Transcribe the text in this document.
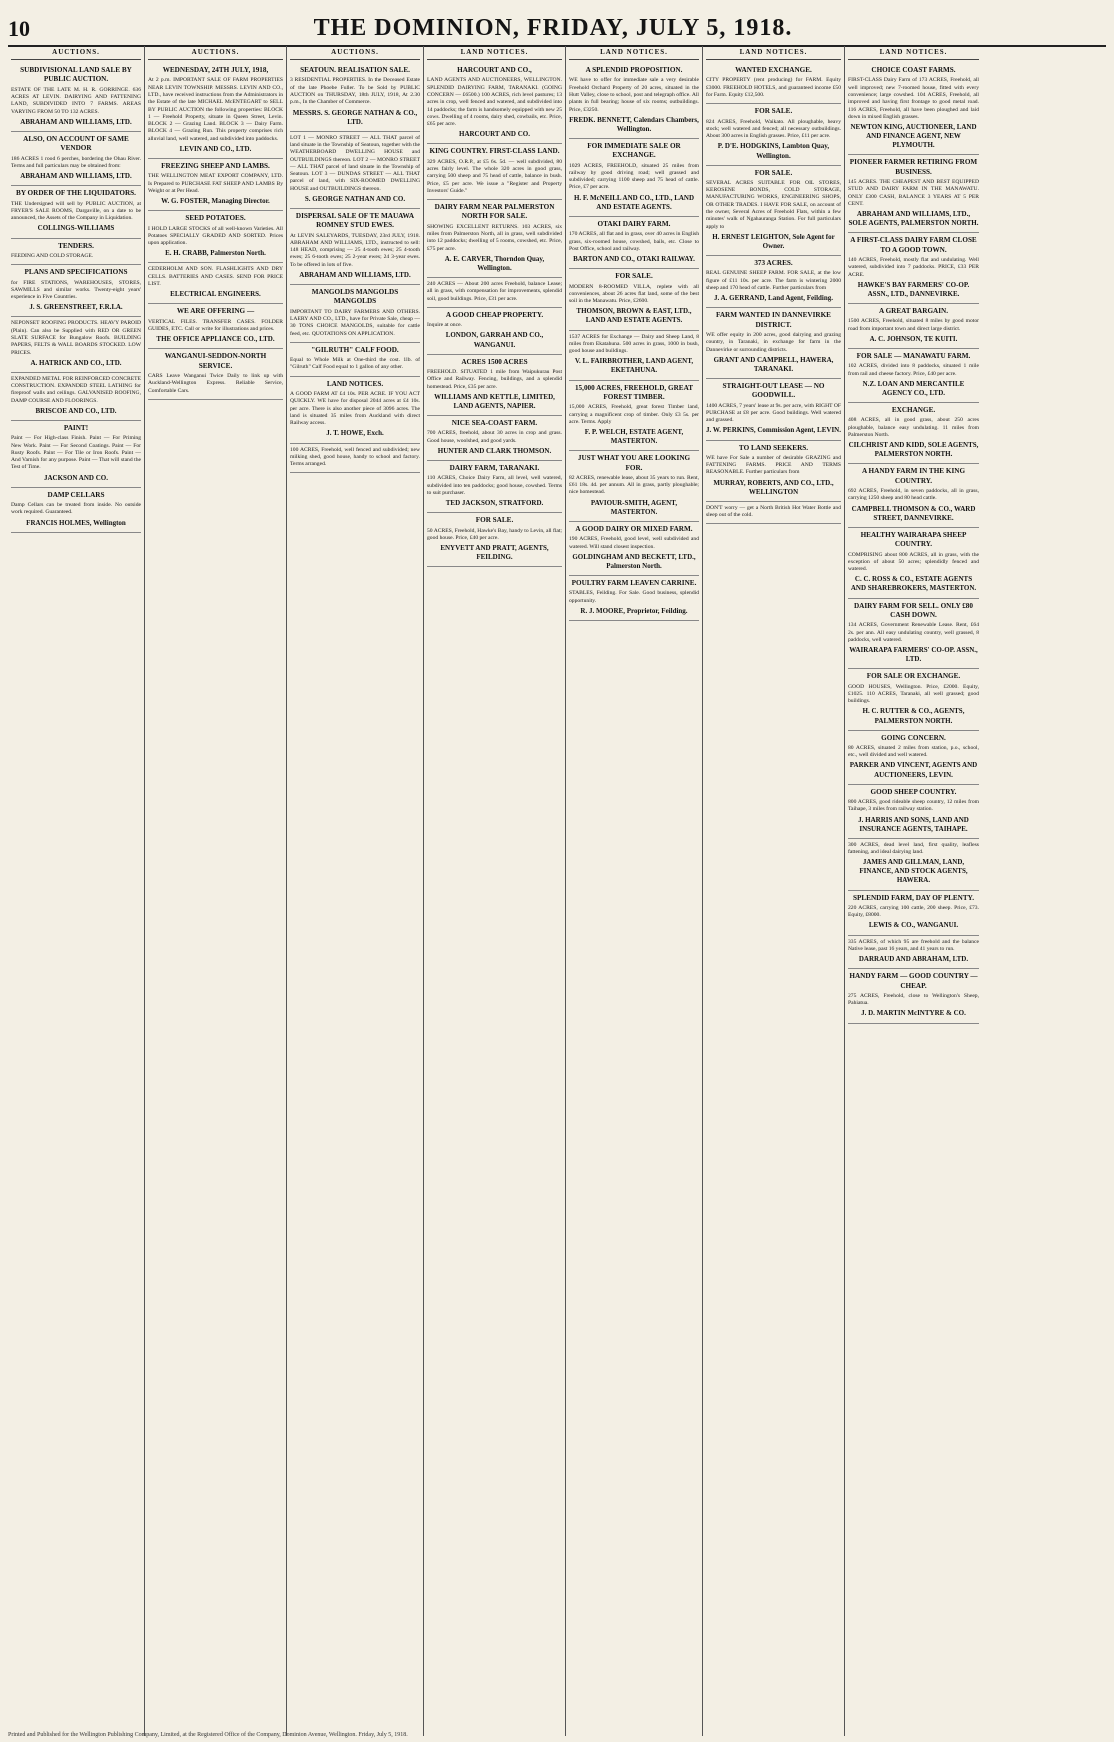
10	THE DOMINION, FRIDAY, JULY 5, 1918.
AUCTIONS.
SUBDIVISIONAL LAND SALE BY PUBLIC AUCTION.
ESTATE OF THE LATE M. H. R. GORRINGE. 636 ACRES AT LEVIN. DAIRYING AND FATTENING LAND, SUBDIVIDED INTO 7 FARMS. AREAS VARYING FROM 50 TO 132 ACRES.
ABRAHAM AND WILLIAMS, LTD.
ALSO, ON ACCOUNT OF SAME VENDOR
186 ACRES 1 rood 6 perches, bordering the Ohau River. Terms and full particulars may be obtained from:
ABRAHAM AND WILLIAMS, LTD.
BY ORDER OF THE LIQUIDATORS.
THE Undersigned will sell by PUBLIC AUCTION, at FRYER'S SALE ROOMS, Dargaville, on a date to be announced, the Assets of the Company in Liquidation.
COLLINGS-WILLIAMS
TENDERS.
FEEDING AND COLD STORAGE.
PLANS AND SPECIFICATIONS
for FIRE STATIONS, WAREHOUSES, STORES, SAWMILLS and similar works. Twenty-eight years' experience in Five Countries.
J. S. GREENSTREET, F.R.I.A.
NEPONSET ROOFING PRODUCTS. HEAVY PAROID (Plain). Can also be Supplied with RED OR GREEN SLATE SURFACE for Bungalow Roofs. BUILDING PAPERS, FELTS & WALL BOARDS STOCKED. LOW PRICES.
A. HATRICK AND CO., LTD.
EXPANDED METAL FOR REINFORCED CONCRETE CONSTRUCTION. EXPANDED STEEL LATHING for fireproof walls and ceilings. GALVANISED ROOFING, DAMP COURSE AND FLOORINGS.
BRISCOE AND CO., LTD.
PAINT!
Paint — For High-class Finish. Paint — For Priming New Work. Paint — For Second Coatings. Paint — For Rusty Roofs. Paint — For Tile or Iron Roofs. Paint — And Varnish for any purpose. Paint — That will stand the Test of Time.
JACKSON AND CO.
DAMP CELLARS
Damp Cellars can be treated from inside. No outside work required. Guaranteed.
FRANCIS HOLMES, Wellington
AUCTIONS.
WEDNESDAY, 24TH JULY, 1918,
At 2 p.m. IMPORTANT SALE OF FARM PROPERTIES NEAR LEVIN TOWNSHIP. MESSRS. LEVIN AND CO., LTD., have received instructions from the Administrators in the Estate of the late MICHAEL McENTEGART to SELL BY PUBLIC AUCTION the following properties: BLOCK 1 — Freehold Property, situate in Queen Street, Levin. BLOCK 2 — Grazing Land. BLOCK 3 — Dairy Farm. BLOCK 4 — Grazing Run. This property comprises rich alluvial land, well watered, and subdivided into paddocks.
LEVIN AND CO., LTD.
FREEZING SHEEP AND LAMBS.
THE WELLINGTON MEAT EXPORT COMPANY, LTD. Is Prepared to PURCHASE FAT SHEEP AND LAMBS By Weight or at Per Head.
W. G. FOSTER, Managing Director.
SEED POTATOES.
I HOLD LARGE STOCKS of all well-known Varieties. All Potatoes SPECIALLY GRADED AND SORTED. Prices upon application.
E. H. CRABB, Palmerston North.
CEDERHOLM AND SON. FLASHLIGHTS AND DRY CELLS. BATTERIES AND CASES. SEND FOR PRICE LIST.
ELECTRICAL ENGINEERS.
WE ARE OFFERING —
VERTICAL FILES. TRANSFER CASES. FOLDER GUIDES, ETC. Call or write for illustrations and prices.
THE OFFICE APPLIANCE CO., LTD.
WANGANUI-SEDDON-NORTH SERVICE.
CARS Leave Wanganui Twice Daily to link up with Auckland-Wellington Express. Reliable Service, Comfortable Cars.
AUCTIONS.
SEATOUN. REALISATION SALE.
3 RESIDENTIAL PROPERTIES. In the Deceased Estate of the late Phoebe Fuller. To be Sold by PUBLIC AUCTION on THURSDAY, 18th JULY, 1918, At 2.30 p.m., In the Chamber of Commerce.
MESSRS. S. GEORGE NATHAN & CO., LTD.
LOT 1 — MONRO STREET — ALL THAT parcel of land situate in the Township of Seatoun, together with the WEATHERBOARD DWELLING HOUSE and OUTBUILDINGS thereon. LOT 2 — MONRO STREET — ALL THAT parcel of land situate in the Township of Seatoun. LOT 3 — DUNDAS STREET — ALL THAT parcel of land, with SIX-ROOMED DWELLING HOUSE and OUTBUILDINGS thereon.
S. GEORGE NATHAN AND CO.
DISPERSAL SALE OF TE MAUAWA ROMNEY STUD EWES.
At LEVIN SALEYARDS, TUESDAY, 23rd JULY, 1918. ABRAHAM AND WILLIAMS, LTD., instructed to sell: 148 HEAD, comprising — 25 4-tooth ewes; 25 4-tooth ewes; 25 6-tooth ewes; 25 2-year ewes; 24 3-year ewes. To be offered in lots of five.
ABRAHAM AND WILLIAMS, LTD.
MANGOLDS MANGOLDS MANGOLDS
IMPORTANT TO DAIRY FARMERS AND OTHERS. LAERY AND CO., LTD., have for Private Sale, cheap — 30 TONS CHOICE MANGOLDS, suitable for cattle feed, etc. QUOTATIONS ON APPLICATION.
"GILRUTH" CALF FOOD.
Equal to Whole Milk at One-third the cost. 1lb. of "Gilruth" Calf Food equal to 1 gallon of any other.
LAND NOTICES.
A GOOD FARM AT £4 10s. PER ACRE. IF YOU ACT QUICKLY. WE have for disposal 2044 acres at £4 10s. per acre. There is also another piece of 3096 acres. The land is situated 35 miles from Auckland with direct Railway access.
J. T. HOWE, Exch.
100 ACRES, Freehold, well fenced and subdivided; new milking shed, good house, handy to school and factory. Terms arranged.
LAND NOTICES.
HARCOURT AND CO.,
LAND AGENTS AND AUCTIONEERS, WELLINGTON. SPLENDID DAIRYING FARM, TARANAKI. (GOING CONCERN — £6500.) 100 ACRES, rich level pastures; 13 acres in crop, well fenced and watered, and subdivided into 14 paddocks; the farm is handsomely equipped with new 25 cows. Dwelling of 4 rooms, dairy shed, cowbails, etc. Price, £65 per acre.
HARCOURT AND CO.
KING COUNTRY. FIRST-CLASS LAND.
329 ACRES, O.R.P., at £5 6s. 5d. — well subdivided, 80 acres fairly level. The whole 320 acres in good grass, carrying 500 sheep and 75 head of cattle, balance in bush. Price, £5 per acre. We issue a "Register and Property Investors' Guide."
DAIRY FARM NEAR PALMERSTON NORTH FOR SALE.
SHOWING EXCELLENT RETURNS. 103 ACRES, six miles from Palmerston North, all in grass, well subdivided into 12 paddocks; dwelling of 5 rooms, cowshed, etc. Price, £75 per acre.
A. E. CARVER, Thorndon Quay, Wellington.
240 ACRES — About 200 acres Freehold, balance Lease; all in grass, with compensation for improvements, splendid soil, good buildings. Price, £31 per acre.
A GOOD CHEAP PROPERTY.
Inquire at once.
LONDON, GARRAH AND CO., WANGANUI.
ACRES 1500 ACRES
FREEHOLD. SITUATED 1 mile from Waipukurau Post Office and Railway. Fencing, buildings, and a splendid homestead. Price, £35 per acre.
WILLIAMS AND KETTLE, LIMITED, LAND AGENTS, NAPIER.
NICE SEA-COAST FARM.
700 ACRES, freehold, about 30 acres in crop and grass. Good house, woolshed, and good yards.
HUNTER AND CLARK THOMSON.
DAIRY FARM, TARANAKI.
110 ACRES, Choice Dairy Farm, all level, well watered, subdivided into ten paddocks; good house, cowshed. Terms to suit purchaser.
TED JACKSON, STRATFORD.
FOR SALE.
50 ACRES, Freehold, Hawke's Bay, handy to Levin, all flat; good house. Price, £40 per acre.
ENYVETT AND PRATT, AGENTS, FEILDING.
LAND NOTICES.
A SPLENDID PROPOSITION.
WE have to offer for immediate sale a very desirable Freehold Orchard Property of 20 acres, situated in the Hutt Valley, close to school, post and telegraph office. All plants in full bearing; house of six rooms; outbuildings. Price, £3250.
FREDK. BENNETT, Calendars Chambers, Wellington.
FOR IMMEDIATE SALE OR EXCHANGE.
1029 ACRES, FREEHOLD, situated 25 miles from railway by good driving road; well grassed and subdivided; carrying 1100 sheep and 75 head of cattle. Price, £7 per acre.
H. F. McNEILL AND CO., LTD., LAND AND ESTATE AGENTS.
OTAKI DAIRY FARM.
170 ACRES, all flat and in grass, over 40 acres in English grass, six-roomed house, cowshed, bails, etc. Close to Post Office, school and railway.
BARTON AND CO., OTAKI RAILWAY.
FOR SALE.
MODERN 8-ROOMED VILLA, replete with all conveniences, about 26 acres flat land, some of the best soil in the Manawatu. Price, £2600.
THOMSON, BROWN & EAST, LTD., LAND AND ESTATE AGENTS.
1537 ACRES for Exchange — Dairy and Sheep Land, 8 miles from Ekatahuna. 500 acres in grass, 1000 in bush, good house and buildings.
V. L. FAIRBROTHER, LAND AGENT, EKETAHUNA.
15,000 ACRES, FREEHOLD, GREAT FOREST TIMBER.
15,000 ACRES, Freehold, great forest Timber land, carrying a magnificent crop of timber. Only £3 5s. per acre. Terms. Apply
F. P. WELCH, ESTATE AGENT, MASTERTON.
JUST WHAT YOU ARE LOOKING FOR.
82 ACRES, renewable lease, about 35 years to run. Rent, £61 18s. 4d. per annum. All in grass, partly ploughable; nice homestead.
PAVIOUR-SMITH, AGENT, MASTERTON.
A GOOD DAIRY OR MIXED FARM.
190 ACRES, Freehold, good level, well subdivided and watered. Will stand closest inspection.
GOLDINGHAM AND BECKETT, LTD., Palmerston North.
POULTRY FARM LEAVEN CARRINE.
STABLES, Feilding. For Sale. Good business, splendid opportunity.
R. J. MOORE, Proprietor, Feilding.
LAND NOTICES.
WANTED EXCHANGE.
CITY PROPERTY (rent producing) for FARM. Equity £3000. FREEHOLD HOTELS, and guaranteed income £50 for Farm. Equity £12,500.
FOR SALE.
824 ACRES, Freehold, Waikato. All ploughable, heavy stock; well watered and fenced; all necessary outbuildings. About 300 acres in English grasses. Price, £11 per acre.
P. D'E. HODGKINS, Lambton Quay, Wellington.
FOR SALE.
SEVERAL ACRES SUITABLE FOR OIL STORES, KEROSENE BONDS, COLD STORAGE, MANUFACTURING WORKS, ENGINEERING SHOPS, OR OTHER TRADES. I HAVE FOR SALE, on account of the owner, Several Acres of Freehold Flats, within a few minutes' walk of Ngahauranga Station. For full particulars apply to
H. ERNEST LEIGHTON, Sole Agent for Owner.
373 ACRES.
REAL GENUINE SHEEP FARM. FOR SALE, at the low figure of £11 10s. per acre. The farm is wintering 2000 sheep and 170 head of cattle. Further particulars from
J. A. GERRAND, Land Agent, Feilding.
FARM WANTED IN DANNEVIRKE DISTRICT.
WE offer equity in 200 acres, good dairying and grazing country, in Taranaki, in exchange for farm in the Dannevirke or surrounding districts.
GRANT AND CAMPBELL, HAWERA, TARANAKI.
STRAIGHT-OUT LEASE — NO GOODWILL.
1400 ACRES, 7 years' lease at 9s. per acre, with RIGHT OF PURCHASE at £8 per acre. Good buildings. Well watered and grassed.
J. W. PERKINS, Commission Agent, LEVIN.
TO LAND SEEKERS.
WE have For Sale a number of desirable GRAZING and FATTENING FARMS. PRICE AND TERMS REASONABLE. Further particulars from
MURRAY, ROBERTS, AND CO., LTD., WELLINGTON
DON'T worry — get a North British Hot Water Bottle and sleep out of the cold.
LAND NOTICES.
CHOICE COAST FARMS.
FIRST-CLASS Dairy Farm of 173 ACRES, Freehold, all well improved; new 7-roomed house, fitted with every convenience; large cowshed. 104 ACRES, Freehold, all improved and having first frontage to good metal road. 116 ACRES, Freehold, all have been ploughed and laid down in mixed English grasses.
NEWTON KING, AUCTIONEER, LAND AND FINANCE AGENT, NEW PLYMOUTH.
PIONEER FARMER RETIRING FROM BUSINESS.
145 ACRES. THE CHEAPEST AND BEST EQUIPPED STUD AND DAIRY FARM IN THE MANAWATU. ONLY £300 CASH, BALANCE 3 YEARS AT 5 PER CENT.
ABRAHAM AND WILLIAMS, LTD., SOLE AGENTS, PALMERSTON NORTH.
A FIRST-CLASS DAIRY FARM CLOSE TO A GOOD TOWN.
140 ACRES, Freehold, mostly flat and undulating. Well watered, subdivided into 7 paddocks. PRICE, £33 PER ACRE.
HAWKE'S BAY FARMERS' CO-OP. ASSN., LTD., DANNEVIRKE.
A GREAT BARGAIN.
1500 ACRES, Freehold, situated 8 miles by good motor road from important town and direct large district.
A. C. JOHNSON, TE KUITI.
FOR SALE — MANAWATU FARM.
102 ACRES, divided into 8 paddocks, situated 1 mile from rail and cheese factory. Price, £40 per acre.
N.Z. LOAN AND MERCANTILE AGENCY CO., LTD.
EXCHANGE.
408 ACRES, all in good grass, about 250 acres ploughable, balance easy undulating. 11 miles from Palmerston North.
CILCHRIST AND KIDD, SOLE AGENTS, PALMERSTON NORTH.
A HANDY FARM IN THE KING COUNTRY.
692 ACRES, Freehold, in seven paddocks, all in grass, carrying 1250 sheep and 80 head cattle.
CAMPBELL THOMSON & CO., WARD STREET, DANNEVIRKE.
HEALTHY WAIRARAPA SHEEP COUNTRY.
COMPRISING about 800 ACRES, all in grass, with the exception of about 50 acres; splendidly fenced and watered.
C. C. ROSS & CO., ESTATE AGENTS AND SHAREBROKERS, MASTERTON.
DAIRY FARM FOR SELL. ONLY £80 CASH DOWN.
134 ACRES, Government Renewable Lease. Rent, £64 2s. per ann. All easy undulating country, well grassed, 8 paddocks, well watered.
WAIRARAPA FARMERS' CO-OP. ASSN., LTD.
FOR SALE OR EXCHANGE.
GOOD HOUSES, Wellington. Price, £2000. Equity, £1025. 110 ACRES, Taranaki, all well grassed; good buildings.
H. C. RUTTER & CO., AGENTS, PALMERSTON NORTH.
GOING CONCERN.
80 ACRES, situated 2 miles from station, p.o., school, etc., well divided and well watered.
PARKER AND VINCENT, AGENTS AND AUCTIONEERS, LEVIN.
GOOD SHEEP COUNTRY.
800 ACRES, good rideable sheep country, 12 miles from Taihape, 3 miles from railway station.
J. HARRIS AND SONS, LAND AND INSURANCE AGENTS, TAIHAPE.
300 ACRES, dead level land, first quality, leafless fattening, and ideal dairying land.
JAMES AND GILLMAN, LAND, FINANCE, AND STOCK AGENTS, HAWERA.
SPLENDID FARM, DAY OF PLENTY.
220 ACRES, carrying 100 cattle, 200 sheep. Price, £73. Equity, £8000.
LEWIS & CO., WANGANUI.
335 ACRES, of which 95 are freehold and the balance Native lease, past 16 years, and 41 years to run.
DARRAUD AND ABRAHAM, LTD.
HANDY FARM — GOOD COUNTRY — CHEAP.
275 ACRES, Freehold, close to Wellington's Sheep, Pahiatua.
J. D. MARTIN McINTYRE & CO.
Printed and Published for the Wellington Publishing Company, Limited, at the Registered Office of the Company, Dominion Avenue, Wellington. Friday, July 5, 1918.
